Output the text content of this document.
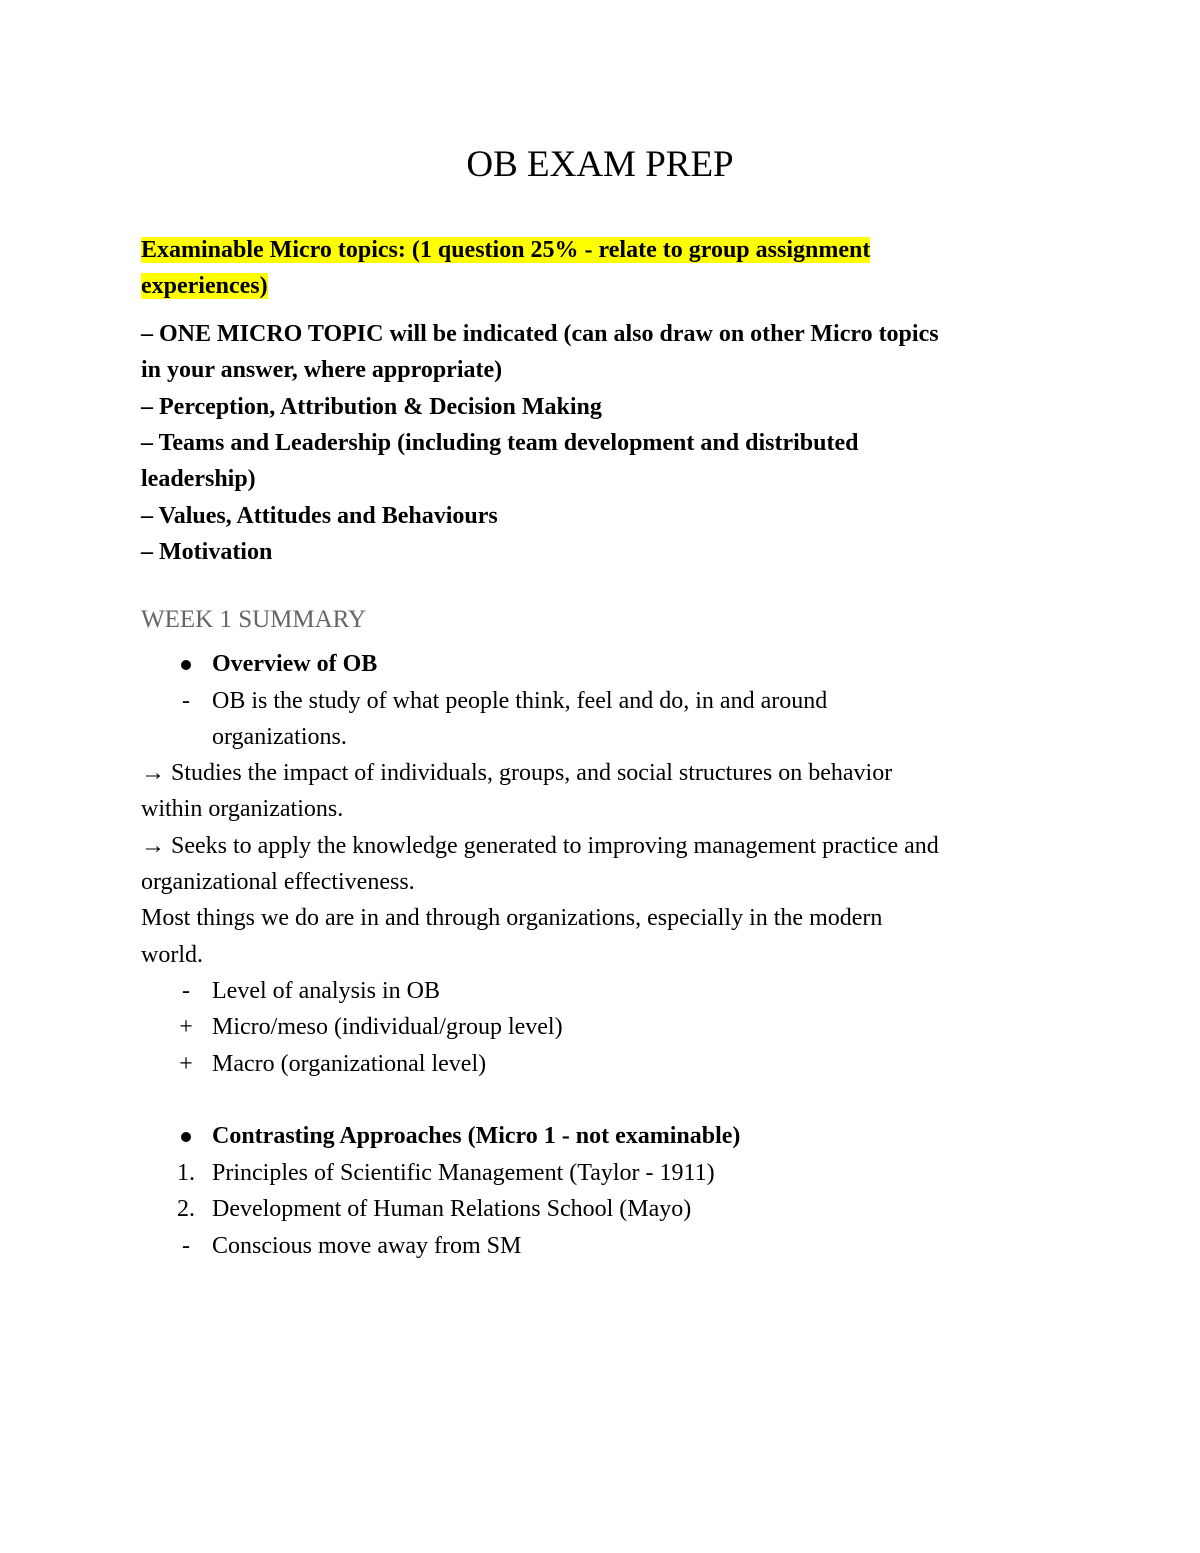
OB EXAM PREP
Examinable Micro topics: (1 question 25% - relate to group assignment
experiences)
– ONE MICRO TOPIC will be indicated (can also draw on other Micro topics
in your answer, where appropriate)
– Perception, Attribution & Decision Making
– Teams and Leadership (including team development and distributed
leadership)
– Values, Attitudes and Behaviours
– Motivation
WEEK 1 SUMMARY
Overview of OB
- OB is the study of what people think, feel and do, in and around
organizations.
→ Studies the impact of individuals, groups, and social structures on behavior
within organizations.
→ Seeks to apply the knowledge generated to improving management practice and
organizational effectiveness.
Most things we do are in and through organizations, especially in the modern
world.
- Level of analysis in OB
+ Micro/meso (individual/group level)
+ Macro (organizational level)
Contrasting Approaches (Micro 1 - not examinable)
1. Principles of Scientific Management (Taylor - 1911)
2. Development of Human Relations School (Mayo)
- Conscious move away from SM
